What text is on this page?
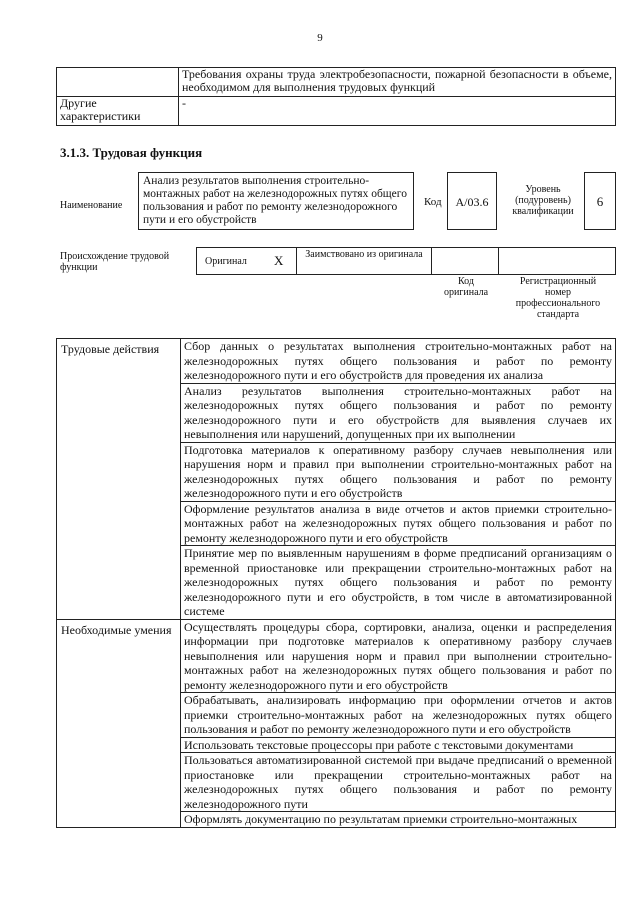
9
	Требования охраны труда электробезопасности, пожарной безопасности в объеме, необходимом для выполнения трудовых функций
Другие характеристики	-
3.1.3. Трудовая функция
Наименование
Анализ результатов выполнения строительно-монтажных работ на железнодорожных путях общего пользования и работ по ремонту железнодорожного пути и его обустройств
Код	A/03.6
Уровень (подуровень) квалификации
6
Происхождение трудовой функции
Оригинал X	Заимствовано из оригинала
Код оригинала
Регистрационный номер профессионального стандарта
Трудовые действия	Сбор данных о результатах выполнения строительно-монтажных работ на железнодорожных путях общего пользования и работ по ремонту железнодорожного пути и его обустройств для проведения их анализа
	Анализ результатов выполнения строительно-монтажных работ на железнодорожных путях общего пользования и работ по ремонту железнодорожного пути и его обустройств для выявления случаев их невыполнения или нарушений, допущенных при их выполнении
	Подготовка материалов к оперативному разбору случаев невыполнения или нарушения норм и правил при выполнении строительно-монтажных работ на железнодорожных путях общего пользования и работ по ремонту железнодорожного пути и его обустройств
	Оформление результатов анализа в виде отчетов и актов приемки строительно-монтажных работ на железнодорожных путях общего пользования и работ по ремонту железнодорожного пути и его обустройств
	Принятие мер по выявленным нарушениям в форме предписаний организациям о временной приостановке или прекращении строительно-монтажных работ на железнодорожных путях общего пользования и работ по ремонту железнодорожного пути и его обустройств, в том числе в автоматизированной системе
Необходимые умения	Осуществлять процедуры сбора, сортировки, анализа, оценки и распределения информации при подготовке материалов к оперативному разбору случаев невыполнения или нарушения норм и правил при выполнении строительно-монтажных работ на железнодорожных путях общего пользования и работ по ремонту железнодорожного пути и его обустройств
	Обрабатывать, анализировать информацию при оформлении отчетов и актов приемки строительно-монтажных работ на железнодорожных путях общего пользования и работ по ремонту железнодорожного пути и его обустройств
	Использовать текстовые процессоры при работе с текстовыми документами
	Пользоваться автоматизированной системой при выдаче предписаний о временной приостановке или прекращении строительно-монтажных работ на железнодорожных путях общего пользования и работ по ремонту железнодорожного пути
	Оформлять документацию по результатам приемки строительно-монтажных
